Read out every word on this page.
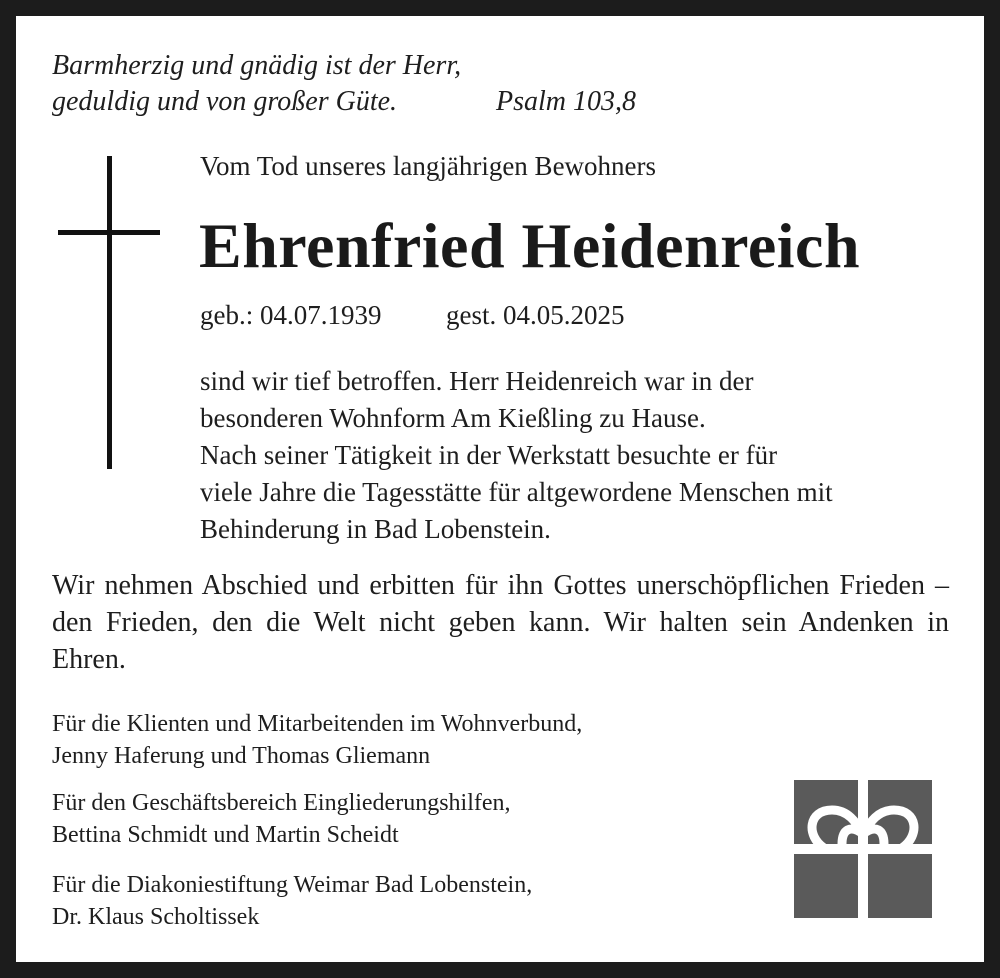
Barmherzig und gnädig ist der Herr,
geduldig und von großer Güte.	Psalm 103,8
Vom Tod unseres langjährigen Bewohners
Ehrenfried Heidenreich
geb.: 04.07.1939 gest. 04.05.2025
sind wir tief betroffen. Herr Heidenreich war in der
besonderen Wohnform Am Kießling zu Hause.
Nach seiner Tätigkeit in der Werkstatt besuchte er für
viele Jahre die Tagesstätte für altgewordene Menschen mit
Behinderung in Bad Lobenstein.
Wir nehmen Abschied und erbitten für ihn Gottes unerschöpflichen Frieden – den Frieden, den die Welt nicht geben kann. Wir halten sein Andenken in Ehren.
Für die Klienten und Mitarbeitenden im Wohnverbund,
Jenny Haferung und Thomas Gliemann
Für den Geschäftsbereich Eingliederungshilfen,
Bettina Schmidt und Martin Scheidt
Für die Diakoniestiftung Weimar Bad Lobenstein,
Dr. Klaus Scholtissek
